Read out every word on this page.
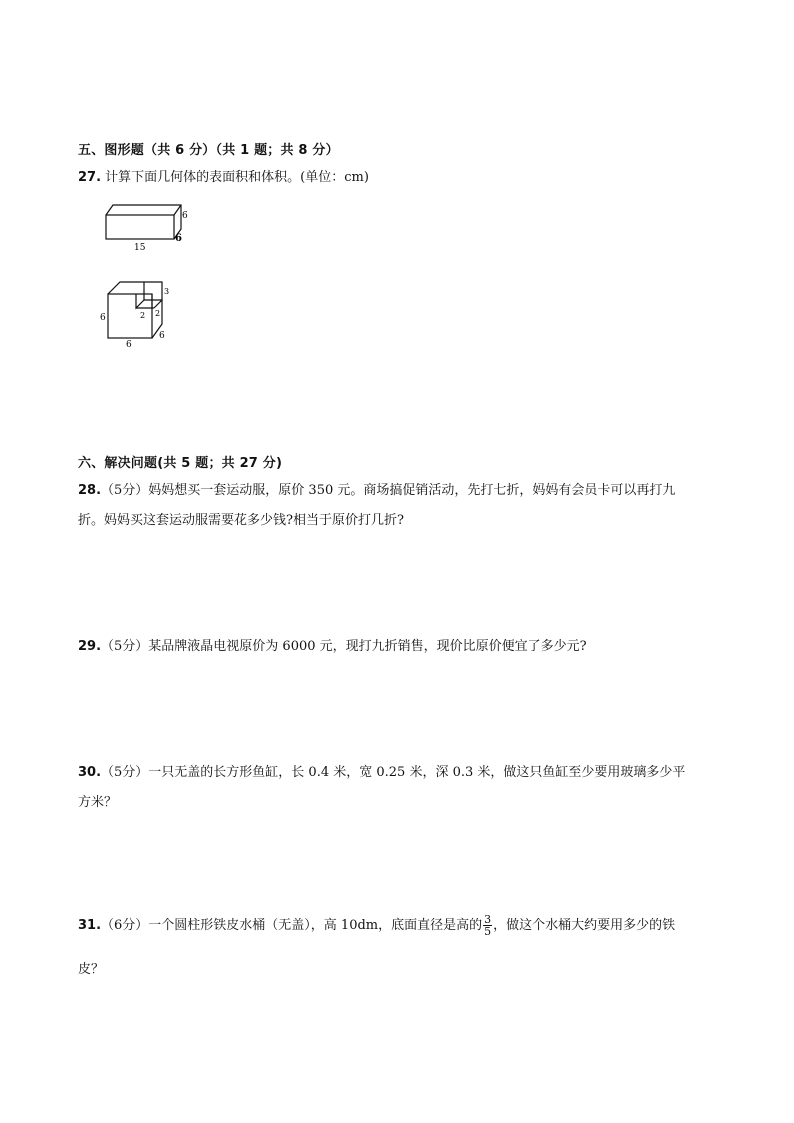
五、图形题（共 6 分）（共 1 题；共 8 分）
27. 计算下面几何体的表面积和体积。(单位：cm)
6
6
15
6
6
6
2 2
3
六、解决问题(共 5 题；共 27 分)
28.（5分）妈妈想买一套运动服，原价 350 元。商场搞促销活动，先打七折，妈妈有会员卡可以再打九
折。妈妈买这套运动服需要花多少钱?相当于原价打几折?
29.（5分）某品牌液晶电视原价为 6000 元，现打九折销售，现价比原价便宜了多少元?
30.（5分）一只无盖的长方形鱼缸，长 0.4 米，宽 0.25 米，深 0.3 米，做这只鱼缸至少要用玻璃多少平
方米？
31.（6分）一个圆柱形铁皮水桶（无盖），高 10dm，底面直径是高的 $\frac{3}{5}$ ，做这个水桶大约要用多少的铁
皮？
